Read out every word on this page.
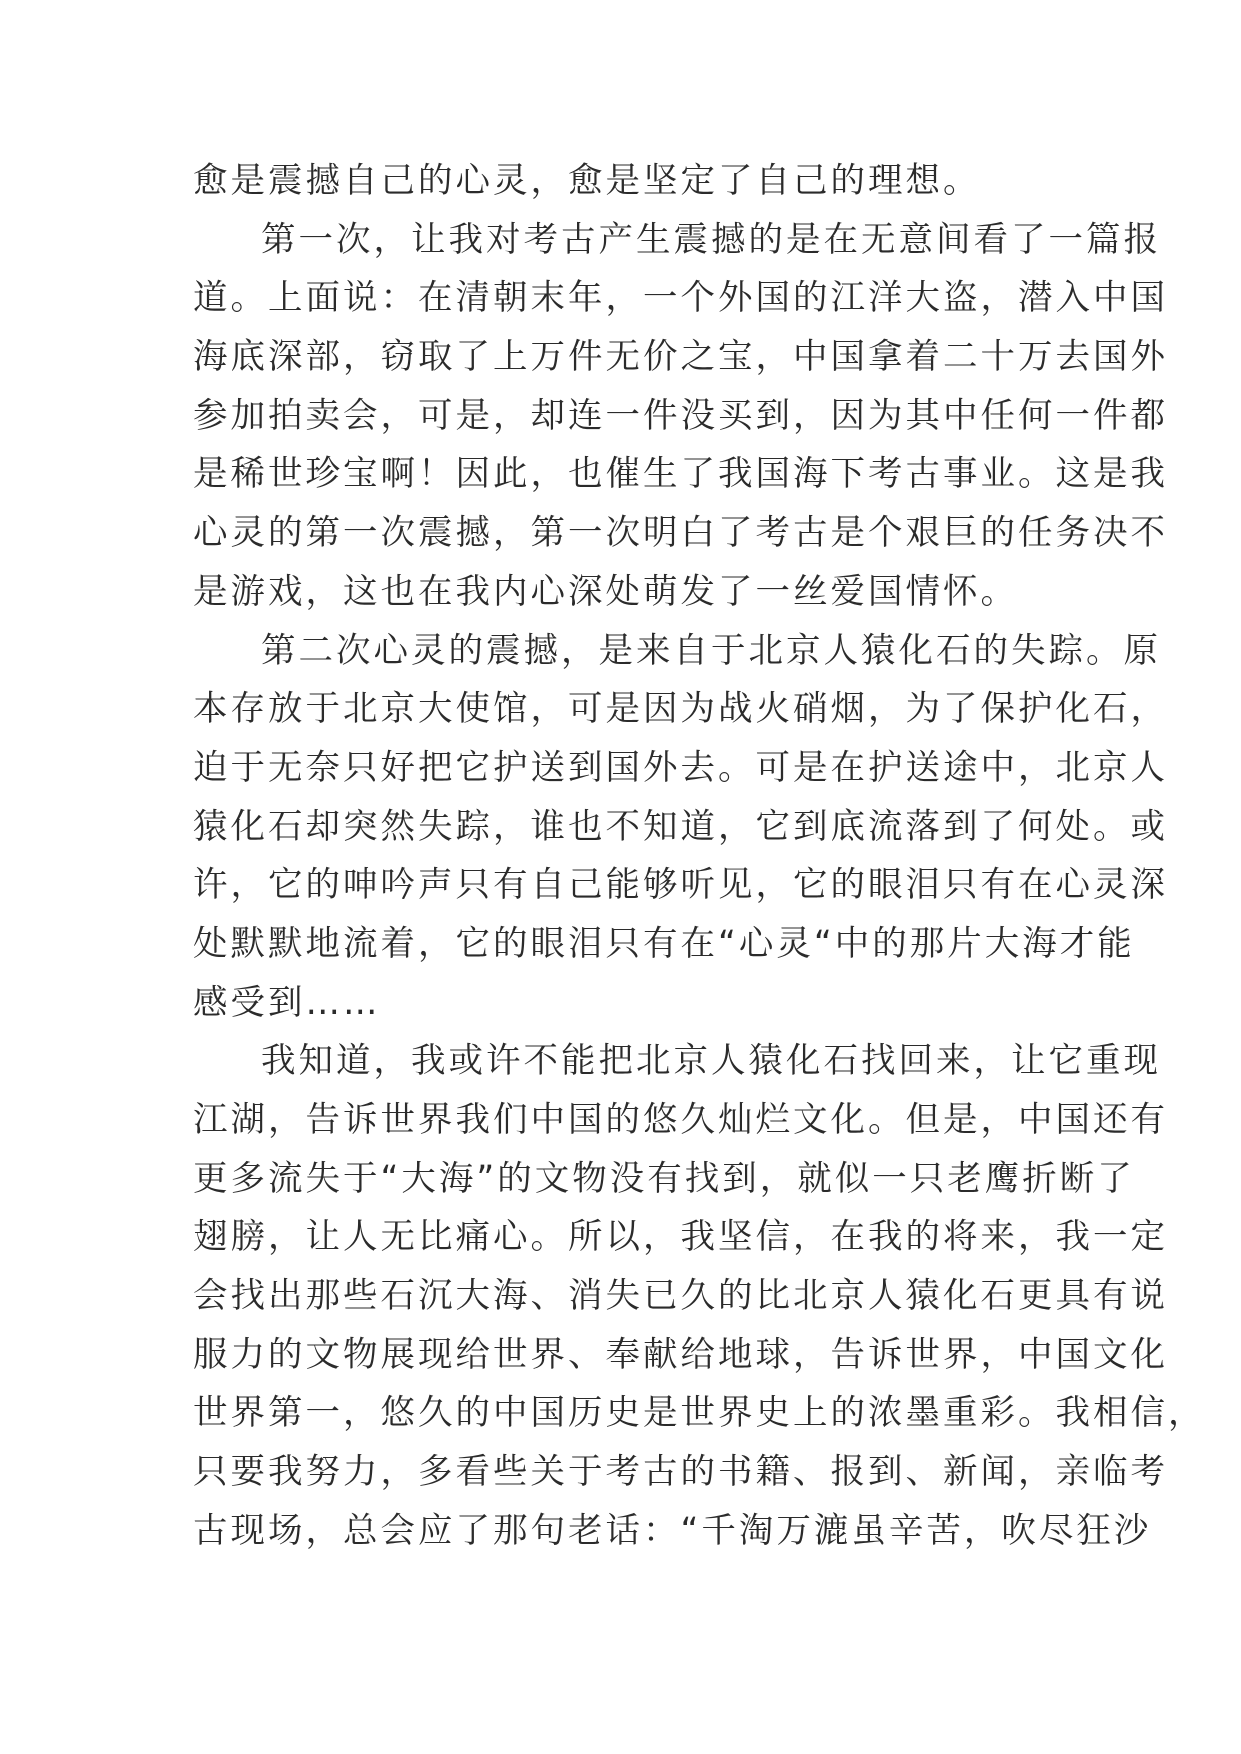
愈是震撼自己的心灵，愈是坚定了自己的理想。
第一次，让我对考古产生震撼的是在无意间看了一篇报
道。上面说：在清朝末年，一个外国的江洋大盗，潜入中国
海底深部，窃取了上万件无价之宝，中国拿着二十万去国外
参加拍卖会，可是，却连一件没买到，因为其中任何一件都
是稀世珍宝啊！因此，也催生了我国海下考古事业。这是我
心灵的第一次震撼，第一次明白了考古是个艰巨的任务决不
是游戏，这也在我内心深处萌发了一丝爱国情怀。
第二次心灵的震撼，是来自于北京人猿化石的失踪。原
本存放于北京大使馆，可是因为战火硝烟，为了保护化石，
迫于无奈只好把它护送到国外去。可是在护送途中，北京人
猿化石却突然失踪，谁也不知道，它到底流落到了何处。或
许，它的呻吟声只有自己能够听见，它的眼泪只有在心灵深
处默默地流着，它的眼泪只有在“心灵“中的那片大海才能
感受到……
我知道，我或许不能把北京人猿化石找回来，让它重现
江湖，告诉世界我们中国的悠久灿烂文化。但是，中国还有
更多流失于“大海”的文物没有找到，就似一只老鹰折断了
翅膀，让人无比痛心。所以，我坚信，在我的将来，我一定
会找出那些石沉大海、消失已久的比北京人猿化石更具有说
服力的文物展现给世界、奉献给地球，告诉世界，中国文化
世界第一，悠久的中国历史是世界史上的浓墨重彩。我相信，
只要我努力，多看些关于考古的书籍、报到、新闻，亲临考
古现场，总会应了那句老话：“千淘万漉虽辛苦，吹尽狂沙
